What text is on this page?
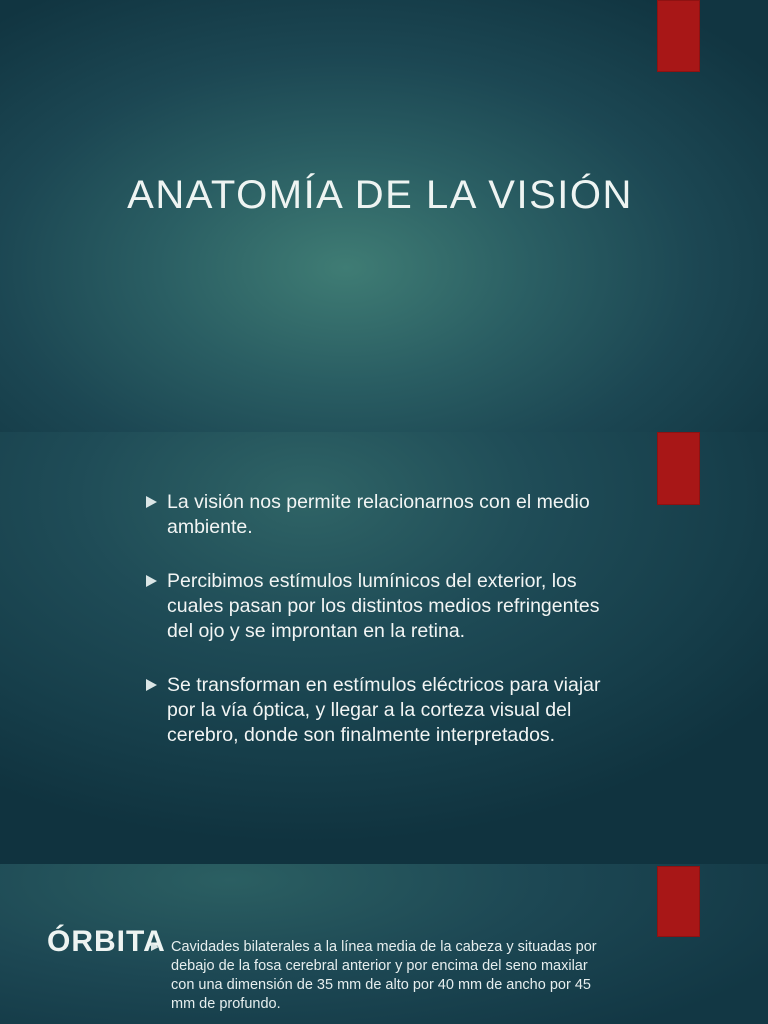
ANATOMÍA DE LA VISIÓN
La visión nos permite relacionarnos con el medio ambiente.
Percibimos estímulos lumínicos del exterior, los cuales pasan por los distintos medios refringentes del ojo y se improntan en la retina.
Se transforman en estímulos eléctricos para viajar por la vía óptica, y llegar a la corteza visual del cerebro, donde son finalmente interpretados.
ÓRBITA Cavidades bilaterales a la línea media de la cabeza y situadas por debajo de la fosa cerebral anterior y por encima del seno maxilar con una dimensión de 35 mm de alto por 40 mm de ancho por 45 mm de profundo.
